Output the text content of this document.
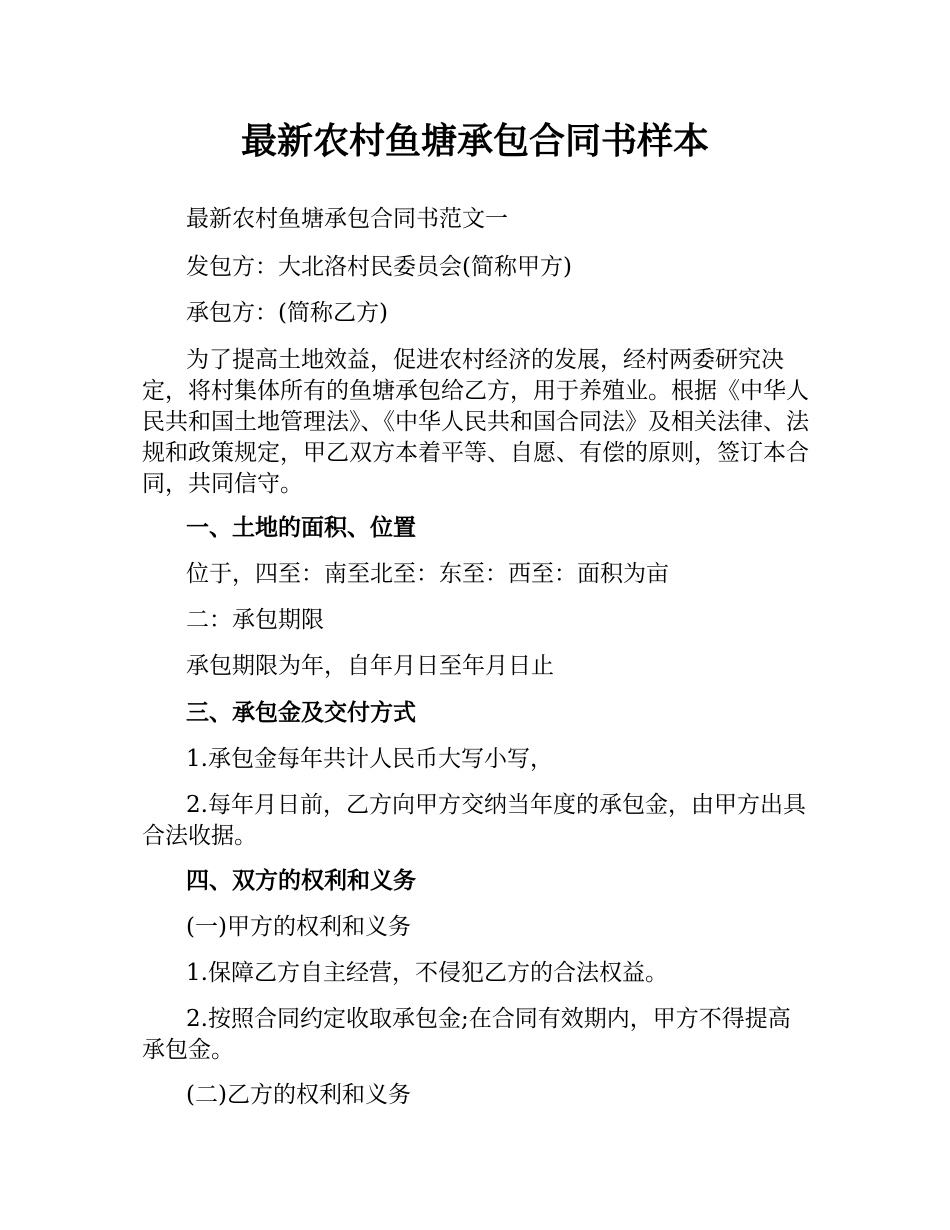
最新农村鱼塘承包合同书样本

最新农村鱼塘承包合同书范文一

发包方：大北洛村民委员会(简称甲方)

承包方：(简称乙方)

为了提高土地效益，促进农村经济的发展，经村两委研究决定，将村集体所有的鱼塘承包给乙方，用于养殖业。根据《中华人民共和国土地管理法》、《中华人民共和国合同法》及相关法律、法规和政策规定，甲乙双方本着平等、自愿、有偿的原则，签订本合同，共同信守。

一、土地的面积、位置

位于，四至：南至北至：东至：西至：面积为亩

二：承包期限

承包期限为年，自年月日至年月日止

三、承包金及交付方式

1.承包金每年共计人民币大写小写，

2.每年月日前，乙方向甲方交纳当年度的承包金，由甲方出具合法收据。

四、双方的权利和义务

(一)甲方的权利和义务

1.保障乙方自主经营，不侵犯乙方的合法权益。

2.按照合同约定收取承包金;在合同有效期内，甲方不得提高承包金。

(二)乙方的权利和义务
